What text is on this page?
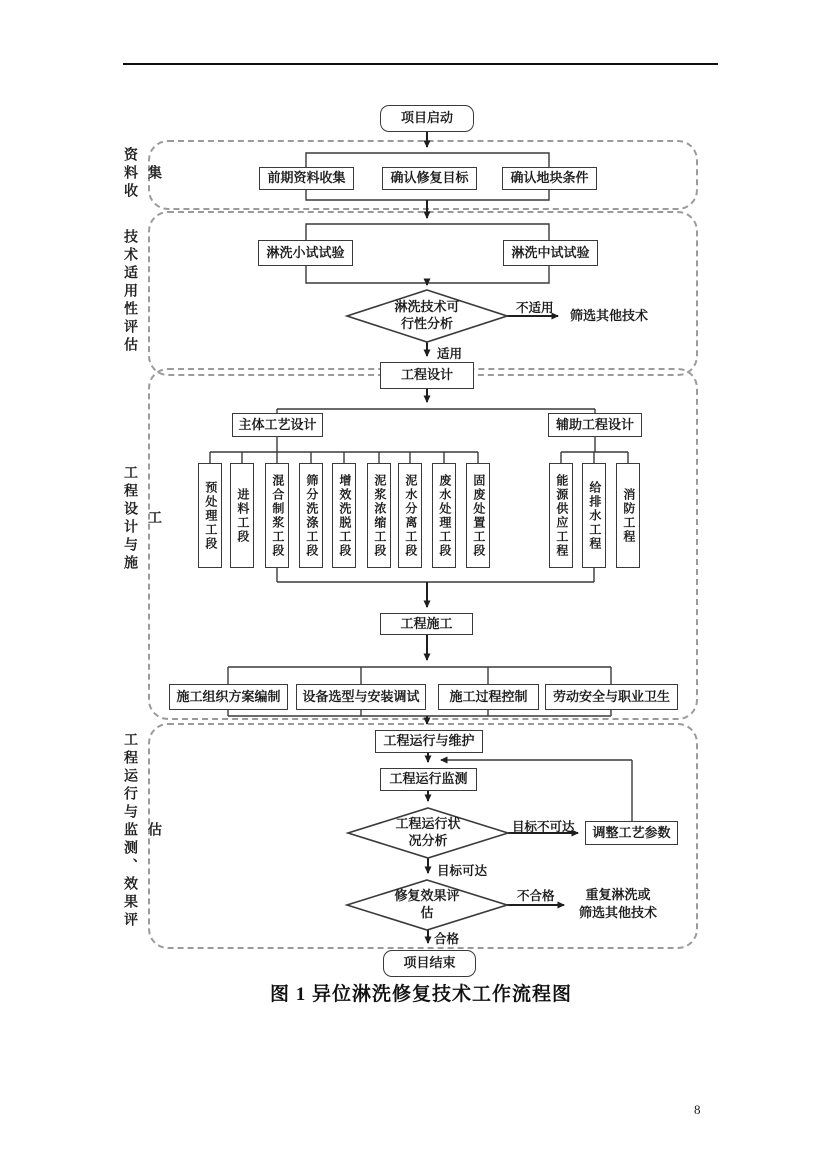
资料收集
技术适用性评估
工程设计与施工
工程运行与监测、效果评估
项目启动
前期资料收集	确认修复目标	确认地块条件
淋洗小试试验	淋洗中试试验
淋洗技术可行性分析
不适用 筛选其他技术
适用
工程设计
主体工艺设计	辅助工程设计
预处理工段	进料工段	混合制浆工段	筛分洗涤工段	增效洗脱工段	泥浆浓缩工段	泥水分离工段	废水处理工段	固废处置工段	能源供应工程	给排水工程	消防工程
工程施工
施工组织方案编制	设备选型与安装调试	施工过程控制	劳动安全与职业卫生
工程运行与维护
工程运行监测
工程运行状况分析
目标不可达	调整工艺参数
目标可达
修复效果评估
不合格	重复淋洗或
筛选其他技术
合格
项目结束
图 1 异位淋洗修复技术工作流程图
8
